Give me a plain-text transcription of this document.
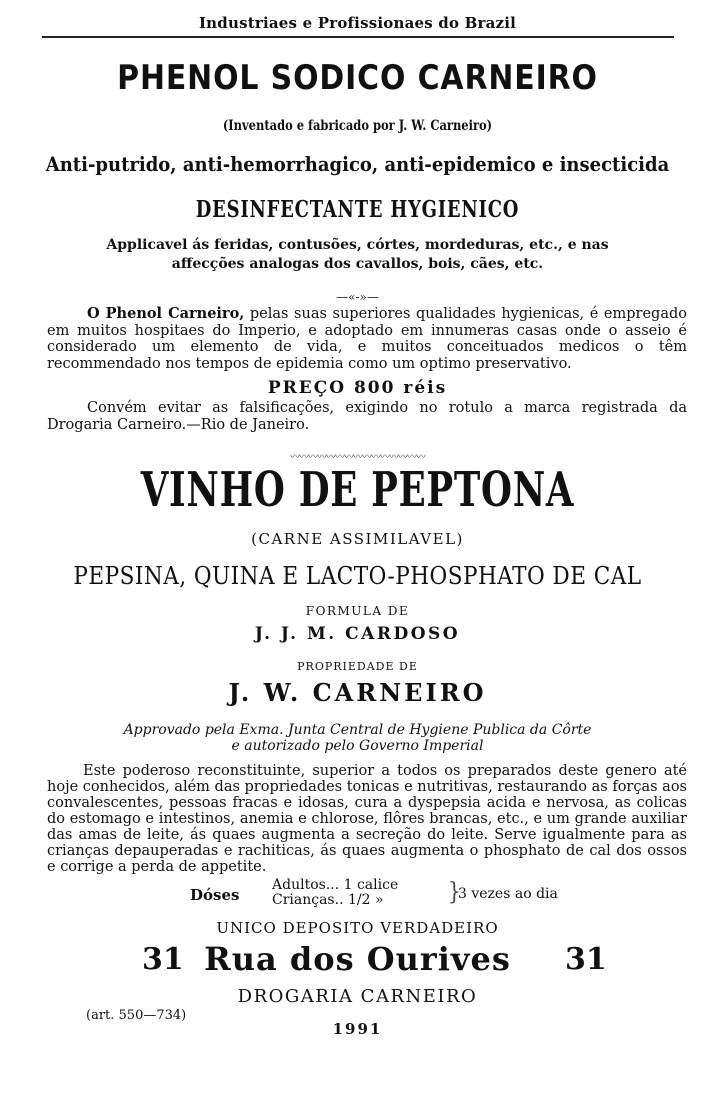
Industriaes e Profissionaes do Brazil
PHENOL SODICO CARNEIRO
(Inventado e fabricado por J. W. Carneiro)
Anti-putrido, anti-hemorrhagico, anti-epidemico e insecticida
DESINFECTANTE HYGIENICO
Applicavel ás feridas, contusões, córtes, mordeduras, etc., e nas
affecções analogas dos cavallos, bois, cães, etc.
—«-»—
O Phenol Carneiro, pelas suas superiores qualidades hygienicas, é empregado em muitos hospitaes do Imperio, e adoptado em innumeras casas onde o asseio é considerado um elemento de vida, e muitos conceituados medicos o têm recommendado nos tempos de epidemia como um optimo preservativo.
PREÇO 800 réis
Convém evitar as falsificações, exigindo no rotulo a marca registrada da Drogaria Carneiro.—Rio de Janeiro.
〰〰〰〰〰〰〰〰〰〰〰〰〰〰〰
VINHO DE PEPTONA
(CARNE ASSIMILAVEL)
PEPSINA, QUINA E LACTO-PHOSPHATO DE CAL
FORMULA DE
J. J. M. CARDOSO
PROPRIEDADE DE
J. W. CARNEIRO
Approvado pela Exma. Junta Central de Hygiene Publica da Côrte
e autorizado pelo Governo Imperial
Este poderoso reconstituinte, superior a todos os preparados deste genero até hoje conhecidos, além das propriedades tonicas e nutritivas, restaurando as forças aos convalescentes, pessoas fracas e idosas, cura a dyspepsia acida e nervosa, as colicas do estomago e intestinos, anemia e chlorose, flôres brancas, etc., e um grande auxiliar das amas de leite, ás quaes augmenta a secreção do leite. Serve igualmente para as crianças depauperadas e rachiticas, ás quaes augmenta o phosphato de cal dos ossos e corrige a perda de appetite.
Dóses
Adultos... 1 calice
Crianças.. 1/2 »	}
3 vezes ao dia
UNICO DEPOSITO VERDADEIRO
31 Rua dos Ourives	31
DROGARIA CARNEIRO
(art. 550—734)
1991
